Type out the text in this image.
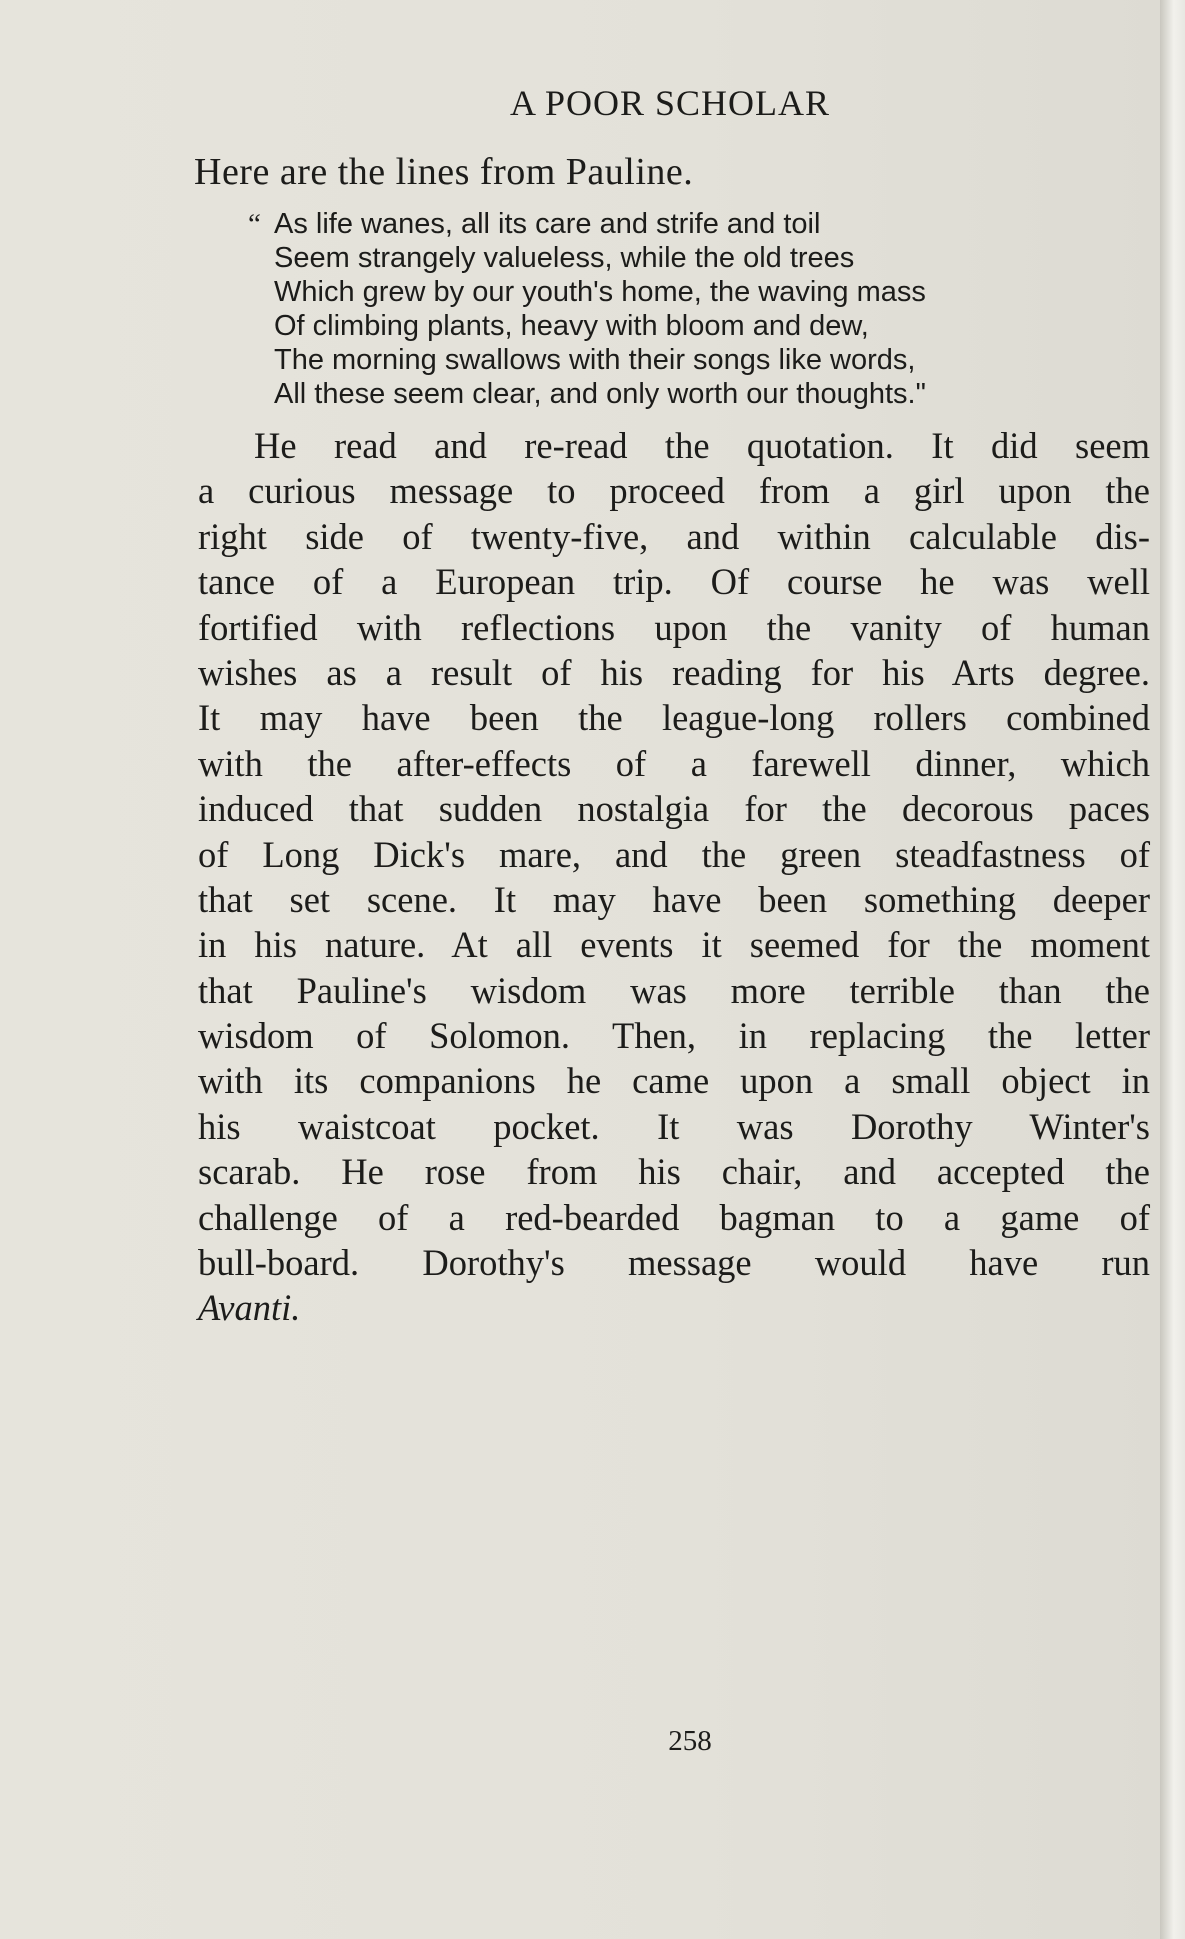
A POOR SCHOLAR
Here are the lines from Pauline.
“ As life wanes, all its care and strife and toil
Seem strangely valueless, while the old trees
Which grew by our youth's home, the waving mass
Of climbing plants, heavy with bloom and dew,
The morning swallows with their songs like words,
All these seem clear, and only worth our thoughts."
He read and re-read the quotation. It did seem
a curious message to proceed from a girl upon the
right side of twenty-five, and within calculable dis-
tance of a European trip. Of course he was well
fortified with reflections upon the vanity of human
wishes as a result of his reading for his Arts degree.
It may have been the league-long rollers combined
with the after-effects of a farewell dinner, which
induced that sudden nostalgia for the decorous paces
of Long Dick's mare, and the green steadfastness of
that set scene. It may have been something deeper
in his nature. At all events it seemed for the moment
that Pauline's wisdom was more terrible than the
wisdom of Solomon. Then, in replacing the letter
with its companions he came upon a small object in
his waistcoat pocket. It was Dorothy Winter's
scarab. He rose from his chair, and accepted the
challenge of a red-bearded bagman to a game of
bull-board. Dorothy's message would have run
Avanti.
258
